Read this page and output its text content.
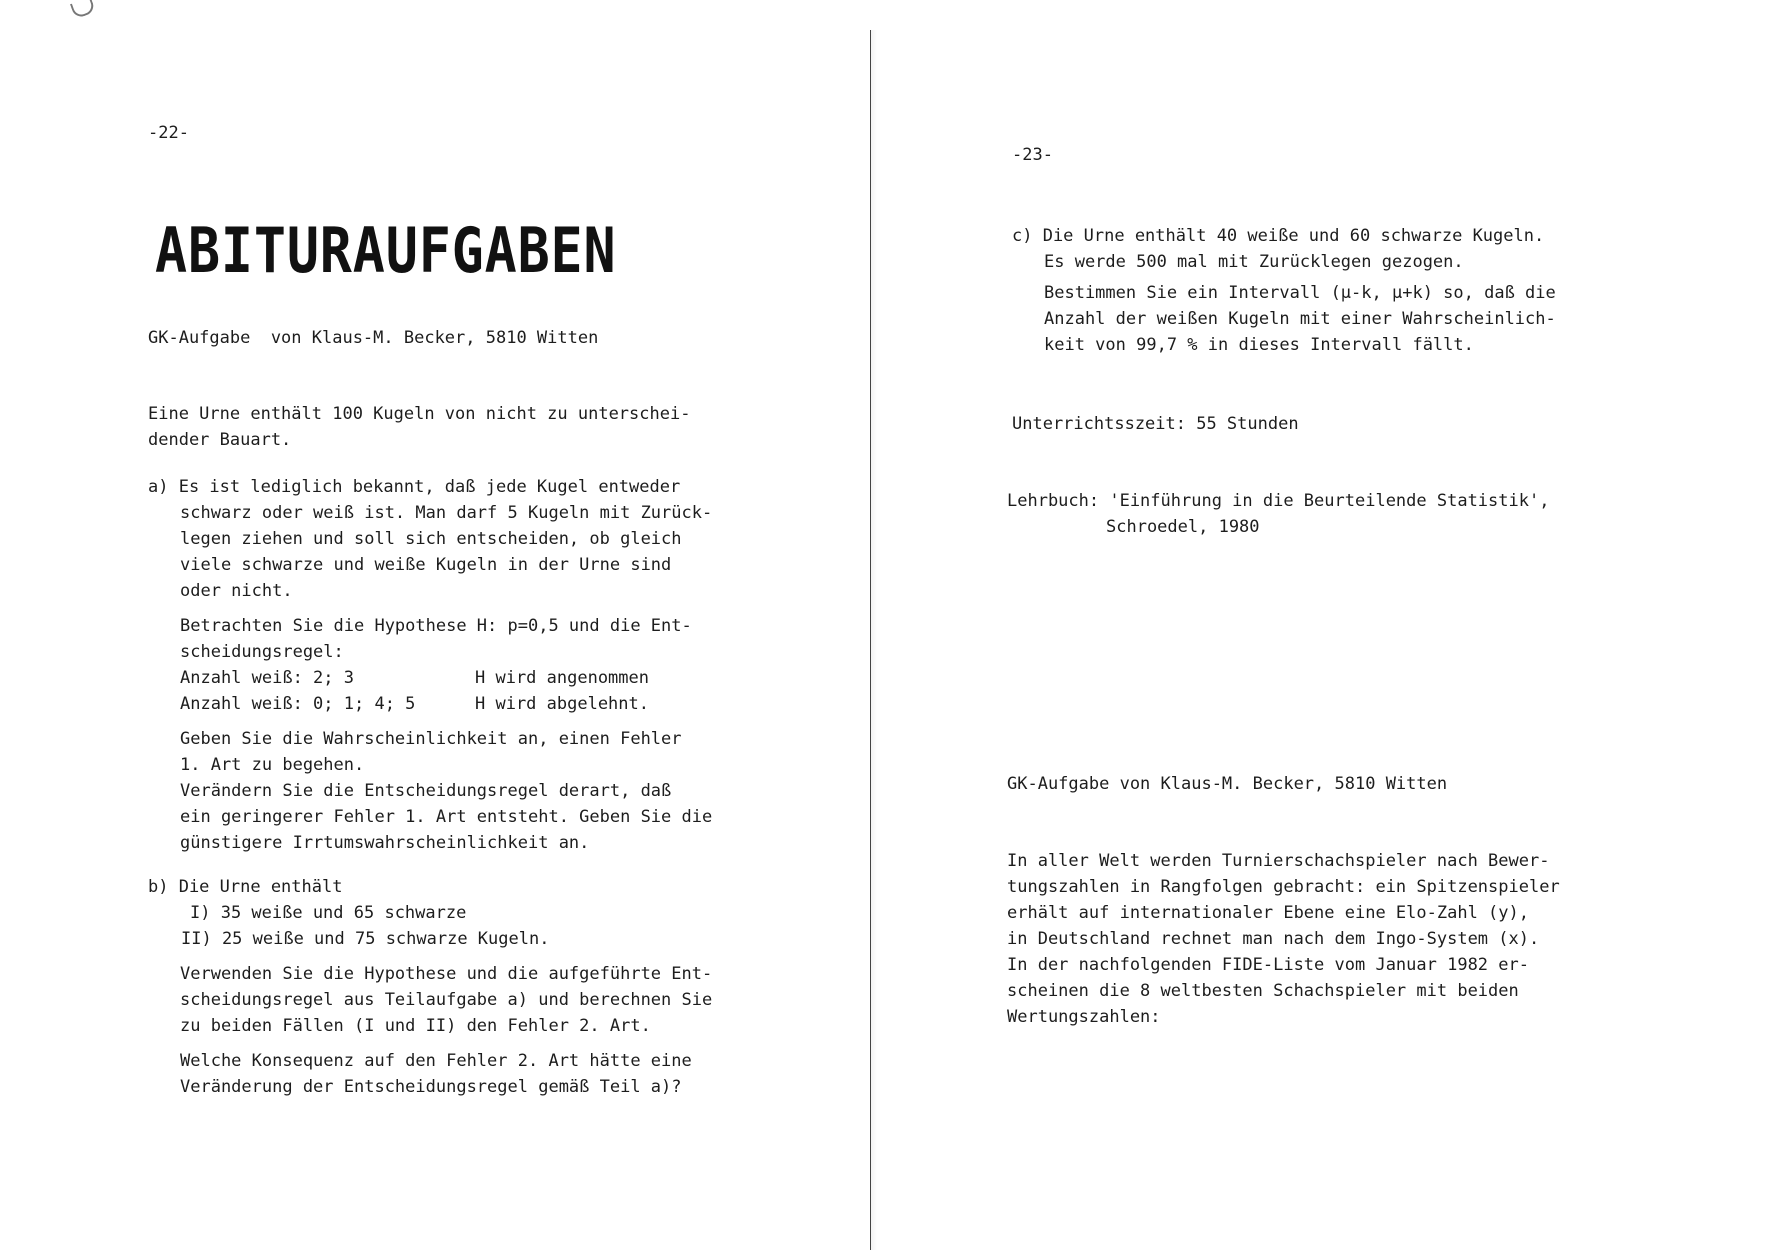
-22-

ABITURAUFGABEN

GK-Aufgabe  von Klaus-M. Becker, 5810 Witten

Eine Urne enthält 100 Kugeln von nicht zu unterschei-

dender Bauart.

a) Es ist lediglich bekannt, daß jede Kugel entweder

schwarz oder weiß ist. Man darf 5 Kugeln mit Zurück-

legen ziehen und soll sich entscheiden, ob gleich

viele schwarze und weiße Kugeln in der Urne sind

oder nicht.

Betrachten Sie die Hypothese H: p=0,5 und die Ent-

scheidungsregel:

Anzahl weiß: 2; 3	H wird angenommen

Anzahl weiß: 0; 1; 4; 5	H wird abgelehnt.

Geben Sie die Wahrscheinlichkeit an, einen Fehler

1. Art zu begehen.

Verändern Sie die Entscheidungsregel derart, daß

ein geringerer Fehler 1. Art entsteht. Geben Sie die

günstigere Irrtumswahrscheinlichkeit an.

b) Die Urne enthält

I) 35 weiße und 65 schwarze

II) 25 weiße und 75 schwarze Kugeln.

Verwenden Sie die Hypothese und die aufgeführte Ent-

scheidungsregel aus Teilaufgabe a) und berechnen Sie

zu beiden Fällen (I und II) den Fehler 2. Art.

Welche Konsequenz auf den Fehler 2. Art hätte eine

Veränderung der Entscheidungsregel gemäß Teil a)?

-23-

c) Die Urne enthält 40 weiße und 60 schwarze Kugeln.

Es werde 500 mal mit Zurücklegen gezogen.

Bestimmen Sie ein Intervall (μ-k, μ+k) so, daß die

Anzahl der weißen Kugeln mit einer Wahrscheinlich-

keit von 99,7 % in dieses Intervall fällt.

Unterrichtsszeit: 55 Stunden

Lehrbuch: 'Einführung in die Beurteilende Statistik',

Schroedel, 1980

GK-Aufgabe von Klaus-M. Becker, 5810 Witten

In aller Welt werden Turnierschachspieler nach Bewer-

tungszahlen in Rangfolgen gebracht: ein Spitzenspieler

erhält auf internationaler Ebene eine Elo-Zahl (y),

in Deutschland rechnet man nach dem Ingo-System (x).

In der nachfolgenden FIDE-Liste vom Januar 1982 er-

scheinen die 8 weltbesten Schachspieler mit beiden

Wertungszahlen:
